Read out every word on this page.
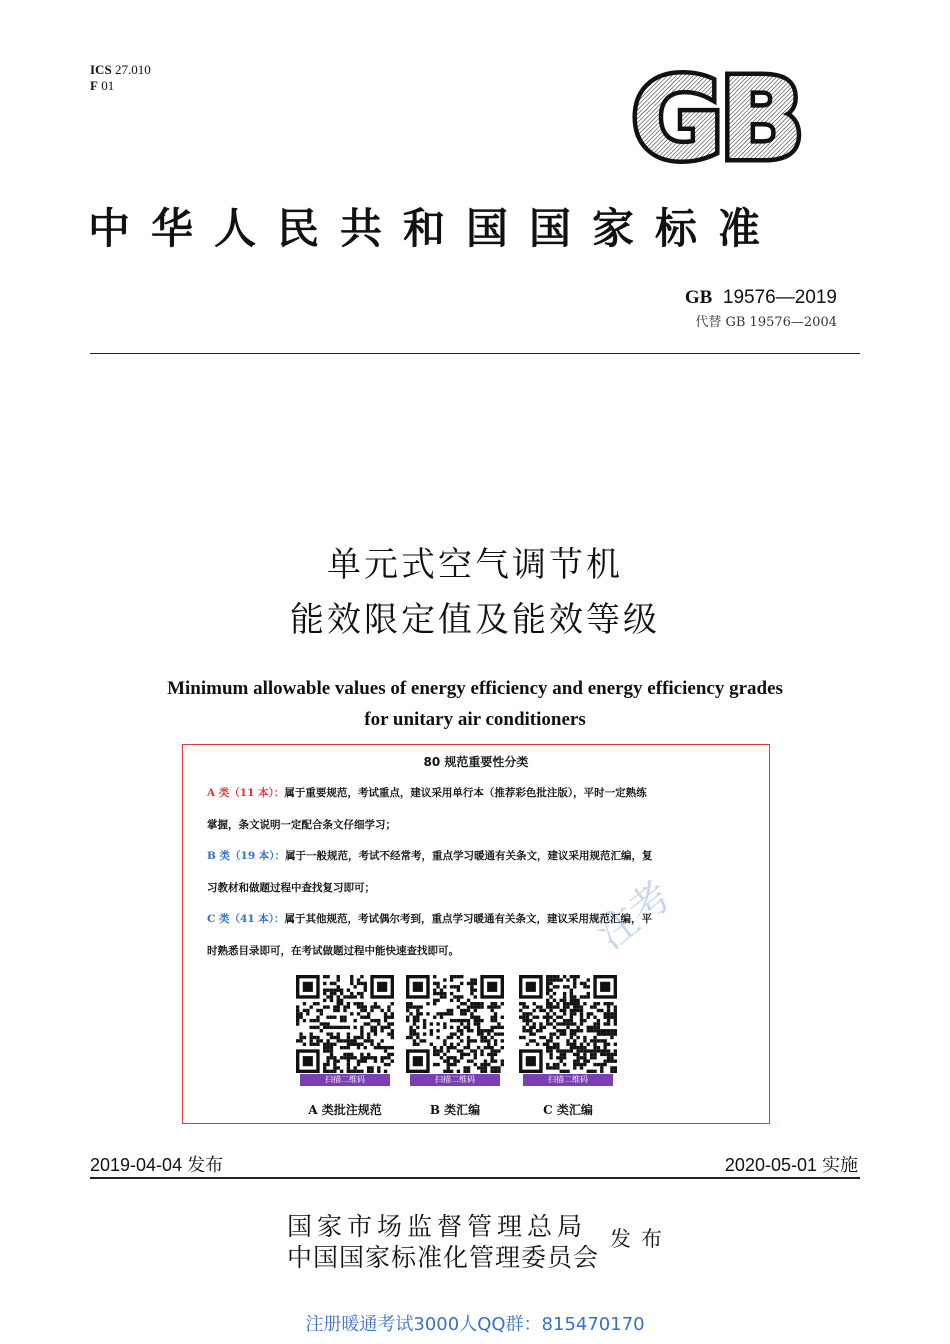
ICS 27.010
F 01	GB
中华人民共和国国家标准
GB 19576—2019
代替 GB 19576—2004
单元式空气调节机
能效限定值及能效等级
Minimum allowable values of energy efficiency and energy efficiency grades
for unitary air conditioners
80 规范重要性分类
A 类（11 本）：属于重要规范，考试重点，建议采用单行本（推荐彩色批注版），平时一定熟练
掌握，条文说明一定配合条文仔细学习；
B 类（19 本）：属于一般规范，考试不经常考，重点学习暖通有关条文，建议采用规范汇编，复
习教材和做题过程中查找复习即可；
C 类（41 本）：属于其他规范，考试偶尔考到，重点学习暖通有关条文，建议采用规范汇编，平
时熟悉目录即可，在考试做题过程中能快速查找即可。
扫描二维码	扫描二维码	扫描二维码
A 类批注规范	B 类汇编	C 类汇编
注考
2019-04-04 发布	2020-05-01 实施
国家市场监督管理总局
中国国家标准化管理委员会
发布
注册暖通考试3000人QQ群：815470170
